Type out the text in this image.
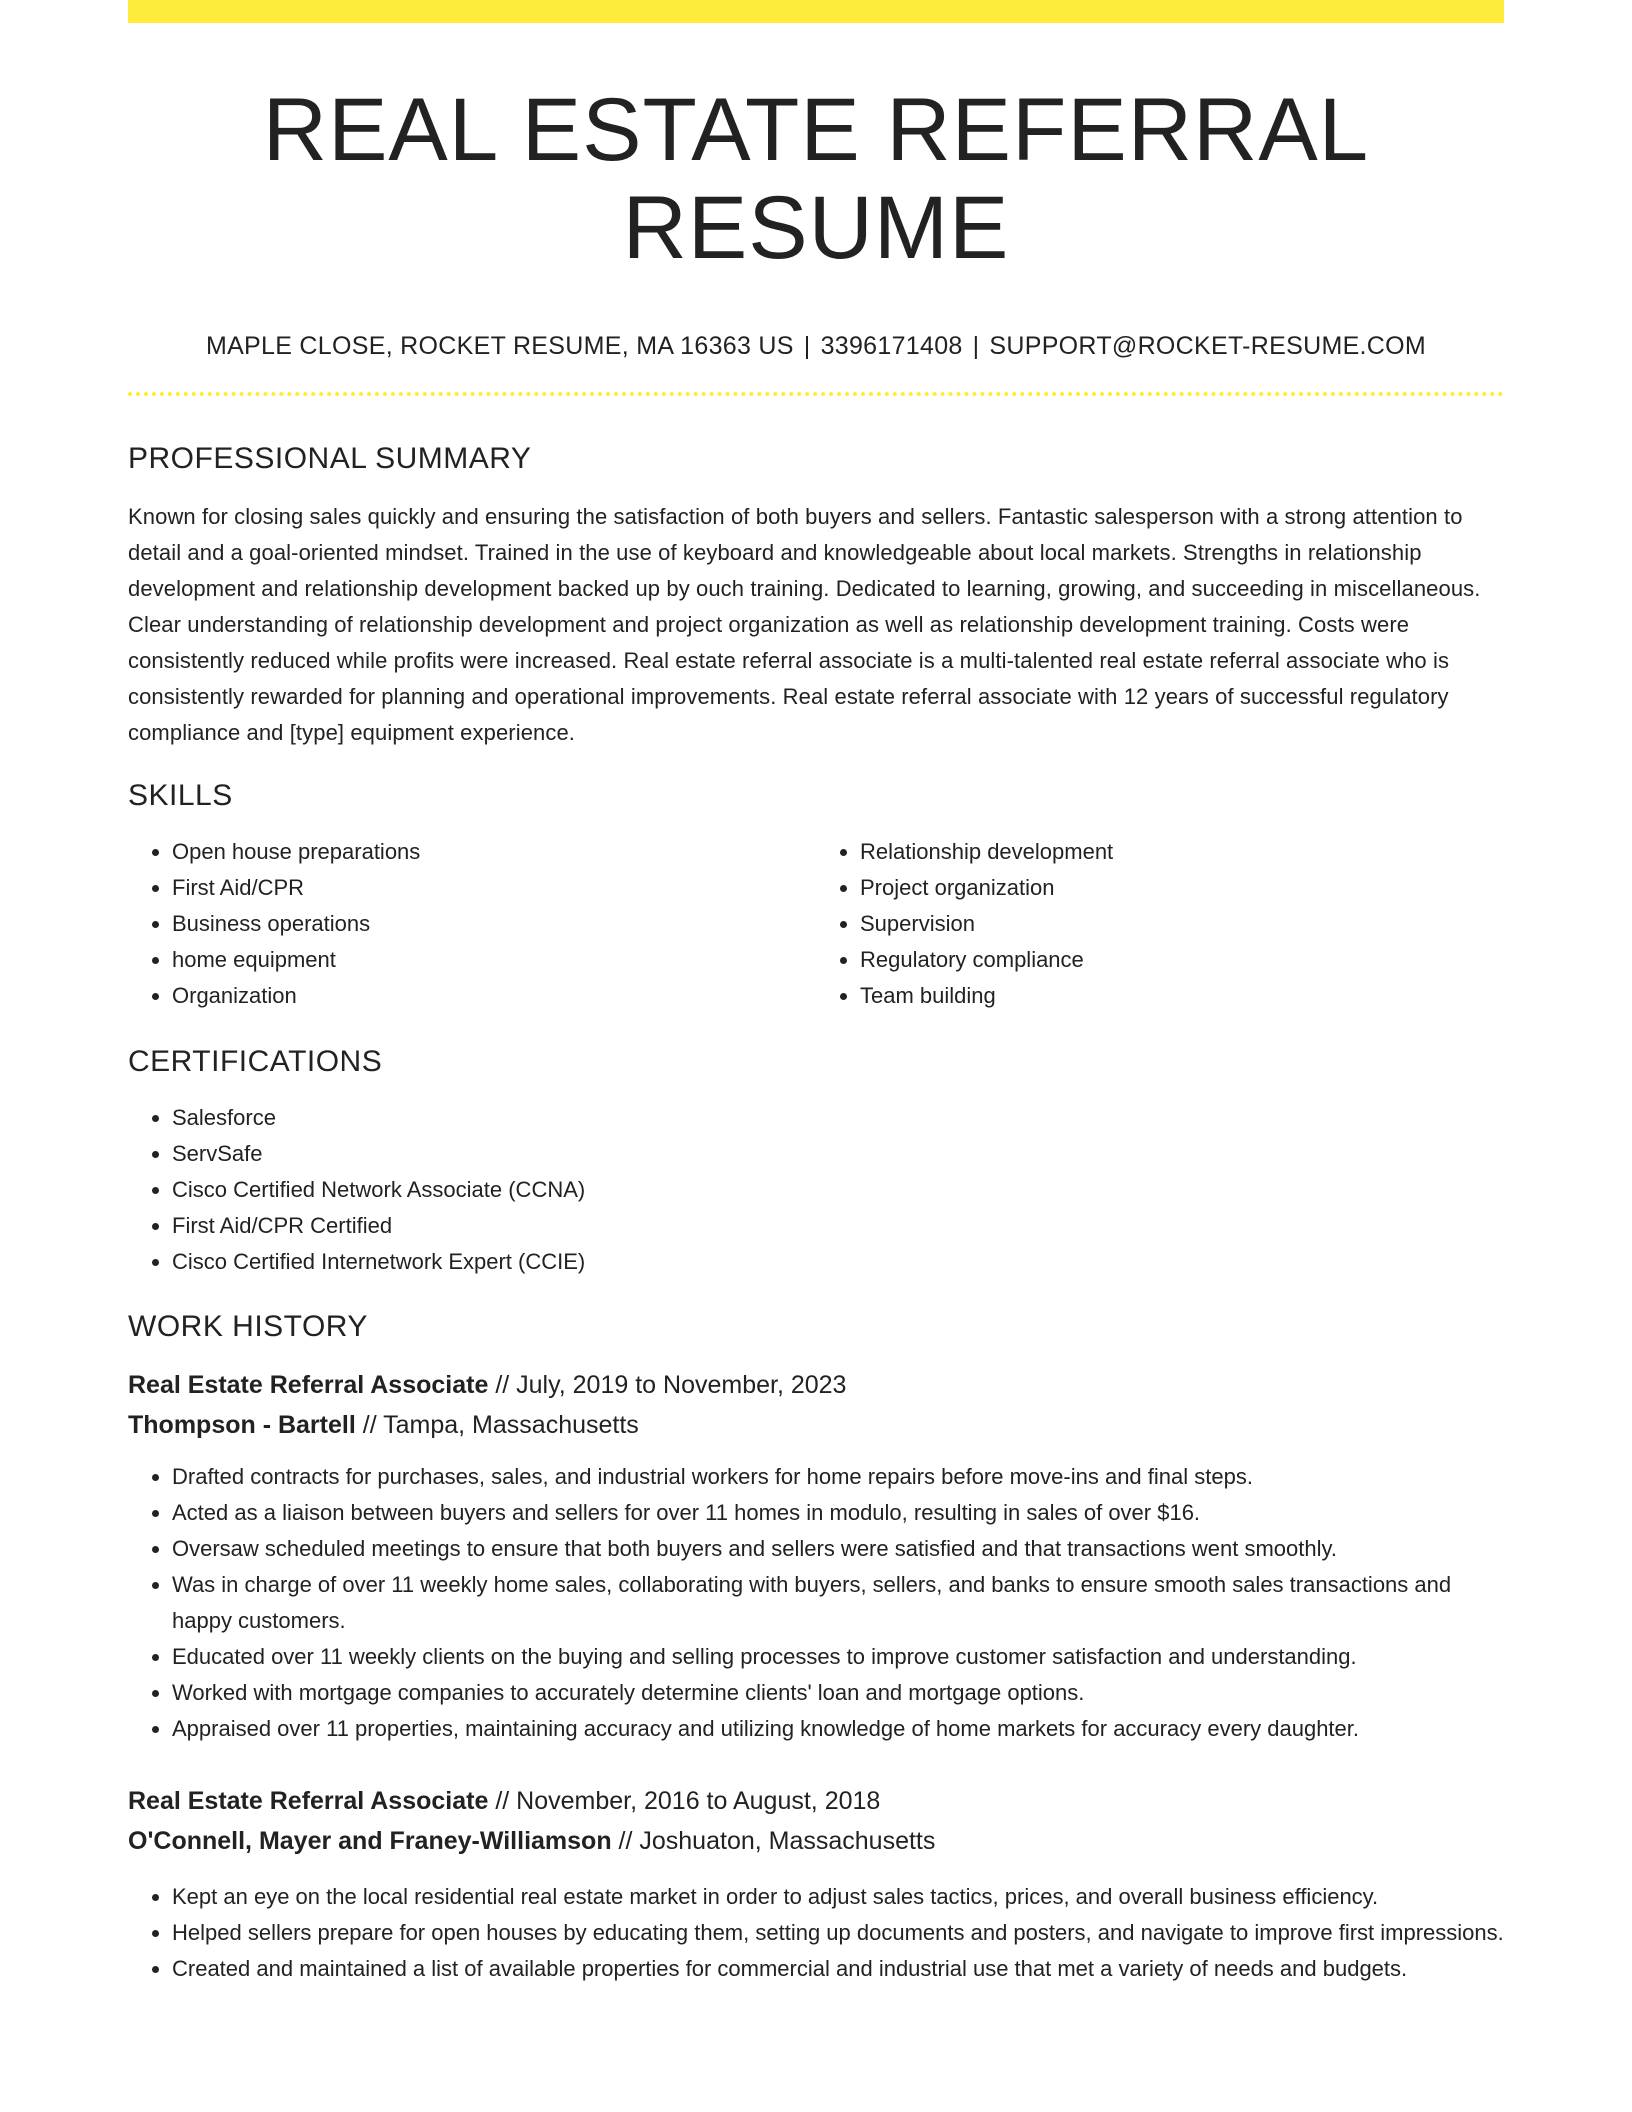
REAL ESTATE REFERRAL RESUME
MAPLE CLOSE, ROCKET RESUME, MA 16363 US | 3396171408 | SUPPORT@ROCKET-RESUME.COM
PROFESSIONAL SUMMARY

Known for closing sales quickly and ensuring the satisfaction of both buyers and sellers. Fantastic salesperson with a strong attention to detail and a goal-oriented mindset. Trained in the use of keyboard and knowledgeable about local markets. Strengths in relationship development and relationship development backed up by ouch training. Dedicated to learning, growing, and succeeding in miscellaneous. Clear understanding of relationship development and project organization as well as relationship development training. Costs were consistently reduced while profits were increased. Real estate referral associate is a multi-talented real estate referral associate who is consistently rewarded for planning and operational improvements. Real estate referral associate with 12 years of successful regulatory compliance and [type] equipment experience.

SKILLS
• Open house preparations
• First Aid/CPR
• Business operations
• home equipment
• Organization
• Relationship development
• Project organization
• Supervision
• Regulatory compliance
• Team building
CERTIFICATIONS
• Salesforce
• ServSafe
• Cisco Certified Network Associate (CCNA)
• First Aid/CPR Certified
• Cisco Certified Internetwork Expert (CCIE)
WORK HISTORY
Real Estate Referral Associate // July, 2019 to November, 2023
Thompson - Bartell // Tampa, Massachusetts
• Drafted contracts for purchases, sales, and industrial workers for home repairs before move-ins and final steps.
• Acted as a liaison between buyers and sellers for over 11 homes in modulo, resulting in sales of over $16.
• Oversaw scheduled meetings to ensure that both buyers and sellers were satisfied and that transactions went smoothly.
• Was in charge of over 11 weekly home sales, collaborating with buyers, sellers, and banks to ensure smooth sales transactions and happy customers.
• Educated over 11 weekly clients on the buying and selling processes to improve customer satisfaction and understanding.
• Worked with mortgage companies to accurately determine clients' loan and mortgage options.
• Appraised over 11 properties, maintaining accuracy and utilizing knowledge of home markets for accuracy every daughter.
Real Estate Referral Associate // November, 2016 to August, 2018
O'Connell, Mayer and Franey-Williamson // Joshuaton, Massachusetts
• Kept an eye on the local residential real estate market in order to adjust sales tactics, prices, and overall business efficiency.
• Helped sellers prepare for open houses by educating them, setting up documents and posters, and navigate to improve first impressions.
• Created and maintained a list of available properties for commercial and industrial use that met a variety of needs and budgets.
